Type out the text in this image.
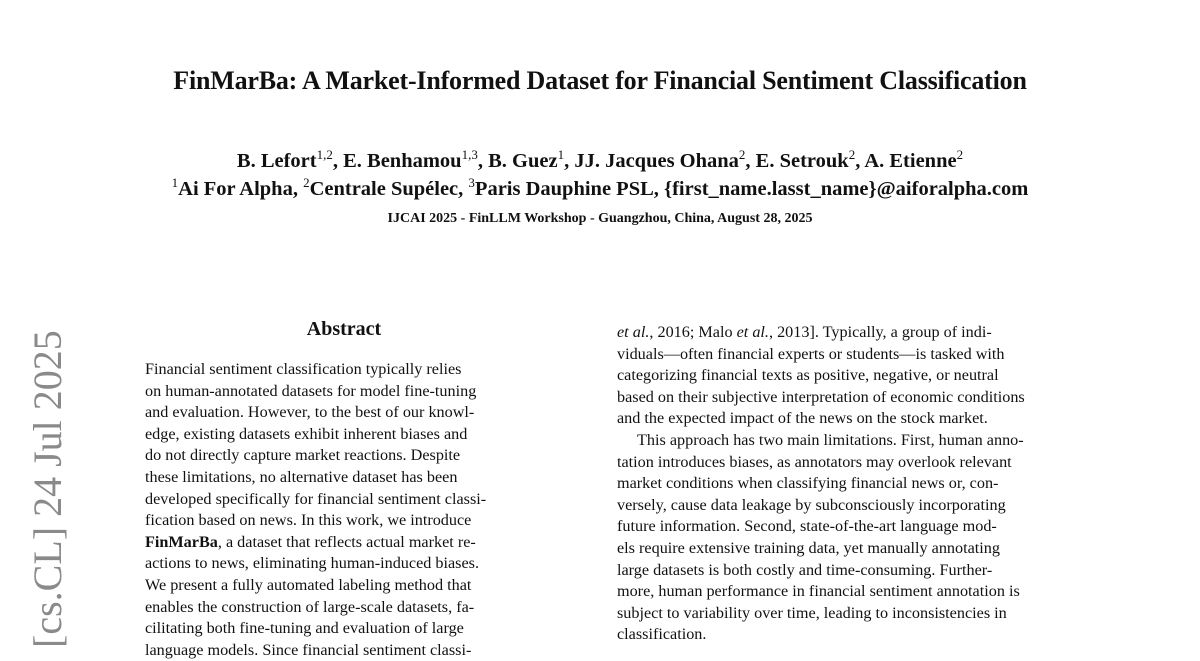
[cs.CL] 24 Jul 2025
FinMarBa: A Market-Informed Dataset for Financial Sentiment Classification
B. Lefort$^{1,2}$, E. Benhamou$^{1,3}$, B. Guez$^1$, JJ. Jacques Ohana$^2$, E. Setrouk$^2$, A. Etienne$^2$
$^1$Ai For Alpha, $^2$Centrale Supélec, $^3$Paris Dauphine PSL, {first_name.lasst_name}@aiforalpha.com
IJCAI 2025 - FinLLM Workshop - Guangzhou, China, August 28, 2025
Abstract
Financial sentiment classification typically relies
on human-annotated datasets for model fine-tuning
and evaluation. However, to the best of our knowl-
edge, existing datasets exhibit inherent biases and
do not directly capture market reactions. Despite
these limitations, no alternative dataset has been
developed specifically for financial sentiment classi-
fication based on news. In this work, we introduce
FinMarBa, a dataset that reflects actual market re-
actions to news, eliminating human-induced biases.
We present a fully automated labeling method that
enables the construction of large-scale datasets, fa-
cilitating both fine-tuning and evaluation of large
language models. Since financial sentiment classi-
et al., 2016; Malo et al., 2013]. Typically, a group of indi-
viduals—often financial experts or students—is tasked with
categorizing financial texts as positive, negative, or neutral
based on their subjective interpretation of economic conditions
and the expected impact of the news on the stock market.
This approach has two main limitations. First, human anno-
tation introduces biases, as annotators may overlook relevant
market conditions when classifying financial news or, con-
versely, cause data leakage by subconsciously incorporating
future information. Second, state-of-the-art language mod-
els require extensive training data, yet manually annotating
large datasets is both costly and time-consuming. Further-
more, human performance in financial sentiment annotation is
subject to variability over time, leading to inconsistencies in
classification.
